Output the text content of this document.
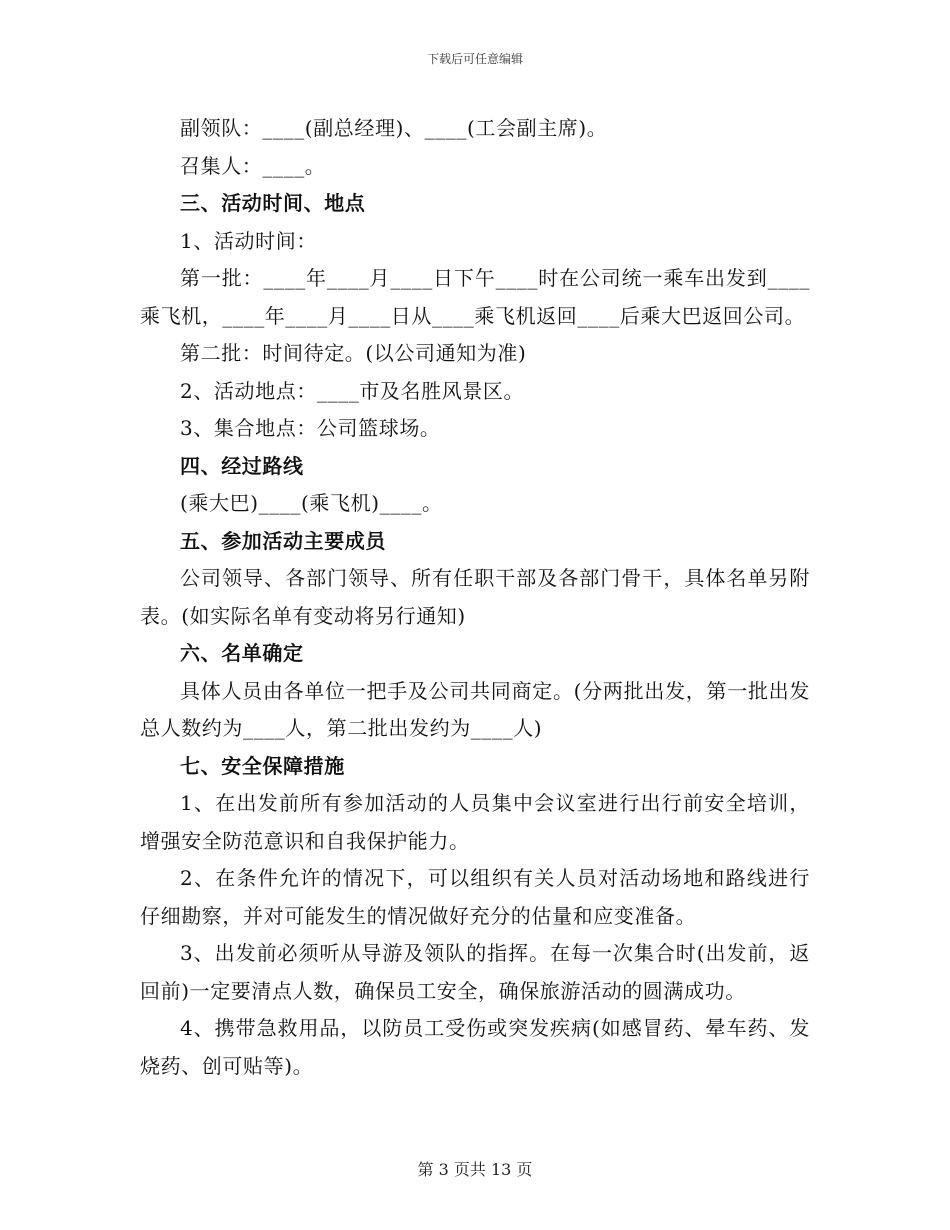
下载后可任意编辑

副领队：____(副总经理)、____(工会副主席)。

召集人：____。

三、活动时间、地点

1、活动时间：

第一批：____年____月____日下午____时在公司统一乘车出发到____乘飞机，____年____月____日从____乘飞机返回____后乘大巴返回公司。

第二批：时间待定。(以公司通知为准)

2、活动地点：____市及名胜风景区。

3、集合地点：公司篮球场。

四、经过路线

(乘大巴)____(乘飞机)____。

五、参加活动主要成员

公司领导、各部门领导、所有任职干部及各部门骨干，具体名单另附表。(如实际名单有变动将另行通知)

六、名单确定

具体人员由各单位一把手及公司共同商定。(分两批出发，第一批出发总人数约为____人，第二批出发约为____人)

七、安全保障措施

1、在出发前所有参加活动的人员集中会议室进行出行前安全培训，增强安全防范意识和自我保护能力。

2、在条件允许的情况下，可以组织有关人员对活动场地和路线进行仔细勘察，并对可能发生的情况做好充分的估量和应变准备。

3、出发前必须听从导游及领队的指挥。在每一次集合时(出发前，返回前)一定要清点人数，确保员工安全，确保旅游活动的圆满成功。

4、携带急救用品，以防员工受伤或突发疾病(如感冒药、晕车药、发烧药、创可贴等)。

第 3 页共 13 页
